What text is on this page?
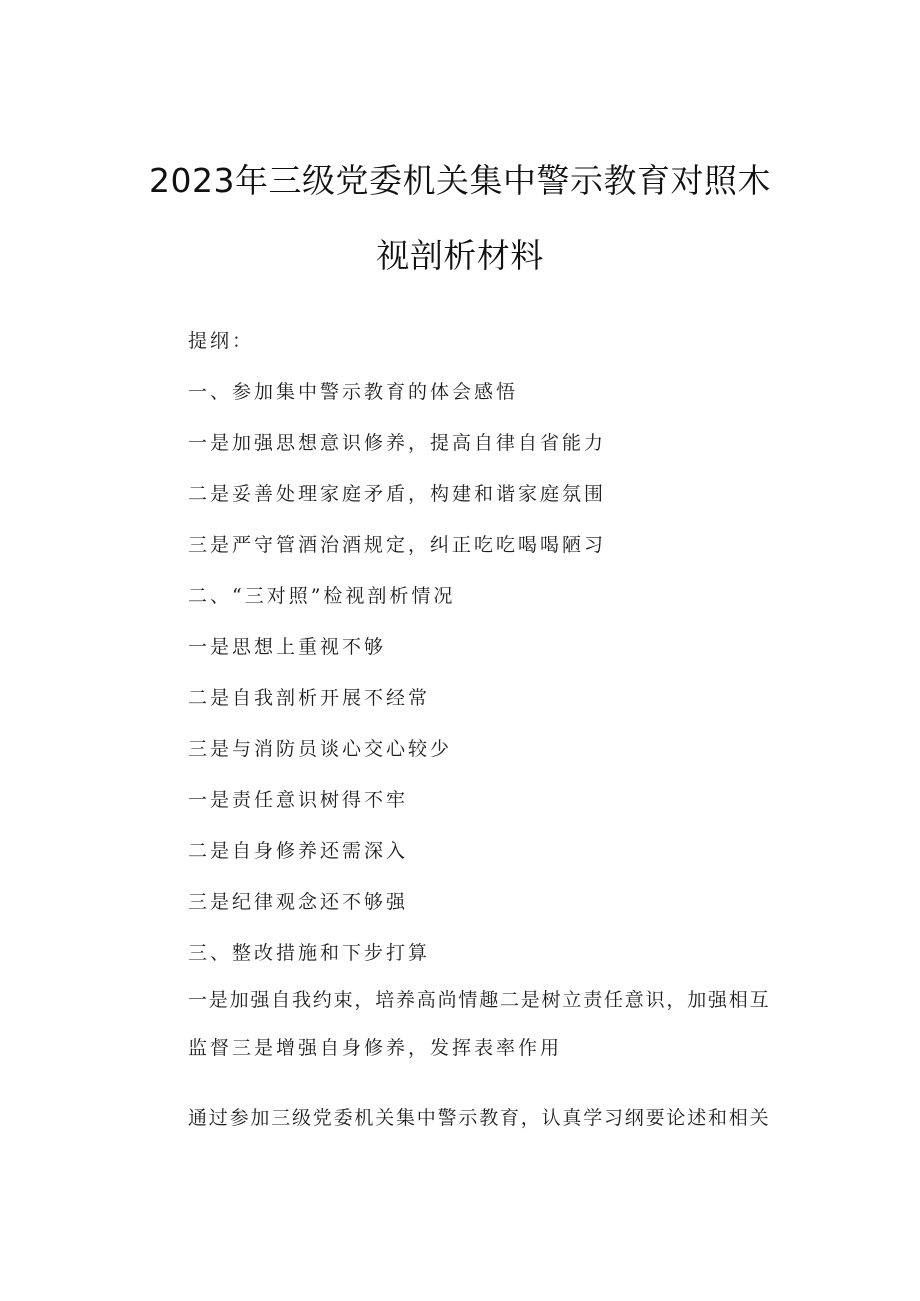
2023年三级党委机关集中警示教育对照木
视剖析材料
提纲：
一、参加集中警示教育的体会感悟
一是加强思想意识修养，提高自律自省能力
二是妥善处理家庭矛盾，构建和谐家庭氛围
三是严守管酒治酒规定，纠正吃吃喝喝陋习
二、“三对照”检视剖析情况
一是思想上重视不够
二是自我剖析开展不经常
三是与消防员谈心交心较少
一是责任意识树得不牢
二是自身修养还需深入
三是纪律观念还不够强
三、整改措施和下步打算
一是加强自我约束，培养高尚情趣二是树立责任意识，加强相互
监督三是增强自身修养，发挥表率作用
通过参加三级党委机关集中警示教育，认真学习纲要论述和相关
